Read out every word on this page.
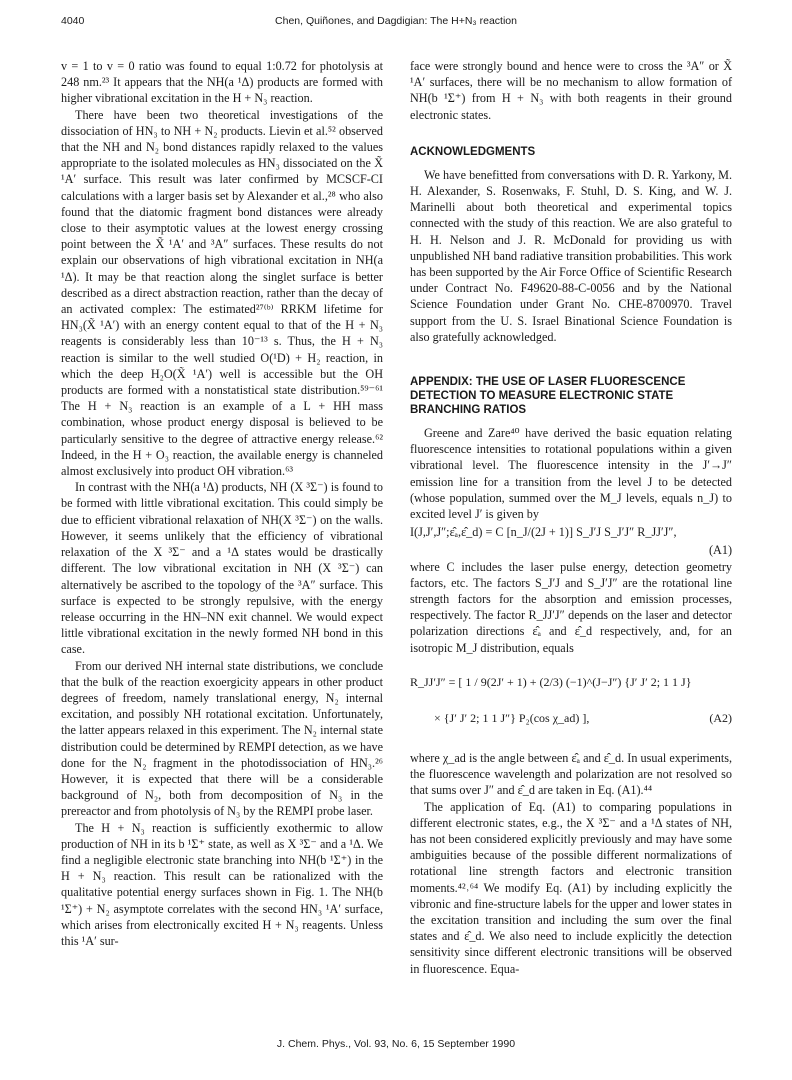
4040	Chen, Quiñones, and Dagdigian: The H+N₃ reaction

v = 1 to v = 0 ratio was found to equal 1:0.72 for photolysis at 248 nm.²³ It appears that the NH(a ¹Δ) products are formed with higher vibrational excitation in the H + N₃ reaction.

There have been two theoretical investigations of the dissociation of HN₃ to NH + N₂ products. Lievin et al.⁵² observed that the NH and N₂ bond distances rapidly relaxed to the values appropriate to the isolated molecules as HN₃ dissociated on the X̃ ¹A′ surface. This result was later confirmed by MCSCF-CI calculations with a larger basis set by Alexander et al.,²⁸ who also found that the diatomic fragment bond distances were already close to their asymptotic values at the lowest energy crossing point between the X̃ ¹A′ and ³A″ surfaces. These results do not explain our observations of high vibrational excitation in NH(a ¹Δ). It may be that reaction along the singlet surface is better described as a direct abstraction reaction, rather than the decay of an activated complex: The estimated²⁷⁽ᵇ⁾ RRKM lifetime for HN₃(X̃ ¹A′) with an energy content equal to that of the H + N₃ reagents is considerably less than 10⁻¹³ s. Thus, the H + N₃ reaction is similar to the well studied O(¹D) + H₂ reaction, in which the deep H₂O(X̃ ¹A′) well is accessible but the OH products are formed with a nonstatistical state distribution.⁵⁹⁻⁶¹ The H + N₃ reaction is an example of a L + HH mass combination, whose product energy disposal is believed to be particularly sensitive to the degree of attractive energy release.⁶² Indeed, in the H + O₃ reaction, the available energy is channeled almost exclusively into product OH vibration.⁶³

In contrast with the NH(a ¹Δ) products, NH (X ³Σ⁻) is found to be formed with little vibrational excitation. This could simply be due to efficient vibrational relaxation of NH(X ³Σ⁻) on the walls. However, it seems unlikely that the efficiency of vibrational relaxation of the X ³Σ⁻ and a ¹Δ states would be drastically different. The low vibrational excitation in NH (X ³Σ⁻) can alternatively be ascribed to the topology of the ³A″ surface. This surface is expected to be strongly repulsive, with the energy release occurring in the HN–NN exit channel. We would expect little vibrational excitation in the newly formed NH bond in this case.

From our derived NH internal state distributions, we conclude that the bulk of the reaction exoergicity appears in other product degrees of freedom, namely translational energy, N₂ internal excitation, and possibly NH rotational excitation. Unfortunately, the latter appears relaxed in this experiment. The N₂ internal state distribution could be determined by REMPI detection, as we have done for the N₂ fragment in the photodissociation of HN₃.²⁶ However, it is expected that there will be a considerable background of N₂, both from decomposition of N₃ in the prereactor and from photolysis of N₃ by the REMPI probe laser.

The H + N₃ reaction is sufficiently exothermic to allow production of NH in its b ¹Σ⁺ state, as well as X ³Σ⁻ and a ¹Δ. We find a negligible electronic state branching into NH(b ¹Σ⁺) in the H + N₃ reaction. This result can be rationalized with the qualitative potential energy surfaces shown in Fig. 1. The NH(b ¹Σ⁺) + N₂ asymptote correlates with the second HN₃ ¹A′ surface, which arises from electronically excited H + N₃ reagents. Unless this ¹A′ sur-

face were strongly bound and hence were to cross the ³A″ or X̃ ¹A′ surfaces, there will be no mechanism to allow formation of NH(b ¹Σ⁺) from H + N₃ with both reagents in their ground electronic states.

ACKNOWLEDGMENTS

We have benefitted from conversations with D. R. Yarkony, M. H. Alexander, S. Rosenwaks, F. Stuhl, D. S. King, and W. J. Marinelli about both theoretical and experimental topics connected with the study of this reaction. We are also grateful to H. H. Nelson and J. R. McDonald for providing us with unpublished NH band radiative transition probabilities. This work has been supported by the Air Force Office of Scientific Research under Contract No. F49620-88-C-0056 and by the National Science Foundation under Grant No. CHE-8700970. Travel support from the U. S. Israel Binational Science Foundation is also gratefully acknowledged.

APPENDIX: THE USE OF LASER FLUORESCENCE DETECTION TO MEASURE ELECTRONIC STATE BRANCHING RATIOS

Greene and Zare⁴⁰ have derived the basic equation relating fluorescence intensities to rotational populations within a given vibrational level. The fluorescence intensity in the J′→J″ emission line for a transition from the level J to be detected (whose population, summed over the M_J levels, equals n_J) to excited level J′ is given by

I(J,J′,J″;ε̂ₐ,ε̂_d) = C [n_J/(2J + 1)] S_J′J S_J′J″ R_JJ′J″,
(A1)

where C includes the laser pulse energy, detection geometry factors, etc. The factors S_J′J and S_J′J″ are the rotational line strength factors for the absorption and emission processes, respectively. The factor R_JJ′J″ depends on the laser and detector polarization directions ε̂ₐ and ε̂_d respectively, and, for an isotropic M_J distribution, equals

R_JJ′J″ = [ 1 / 9(2J′ + 1) + (2/3) (−1)^(J−J″) {J′ J′ 2; 1 1 J}
× {J′ J′ 2; 1 1 J″} P₂(cos χ_ad) ],	(A2)

where χ_ad is the angle between ε̂ₐ and ε̂_d. In usual experiments, the fluorescence wavelength and polarization are not resolved so that sums over J″ and ε̂_d are taken in Eq. (A1).⁴⁴

The application of Eq. (A1) to comparing populations in different electronic states, e.g., the X ³Σ⁻ and a ¹Δ states of NH, has not been considered explicitly previously and may have some ambiguities because of the possible different normalizations of rotational line strength factors and electronic transition moments.⁴²˒⁶⁴ We modify Eq. (A1) by including explicitly the vibronic and fine-structure labels for the upper and lower states in the excitation transition and including the sum over the final states and ε̂_d. We also need to include explicitly the detection sensitivity since different electronic transitions will be observed in fluorescence. Equa-

J. Chem. Phys., Vol. 93, No. 6, 15 September 1990
